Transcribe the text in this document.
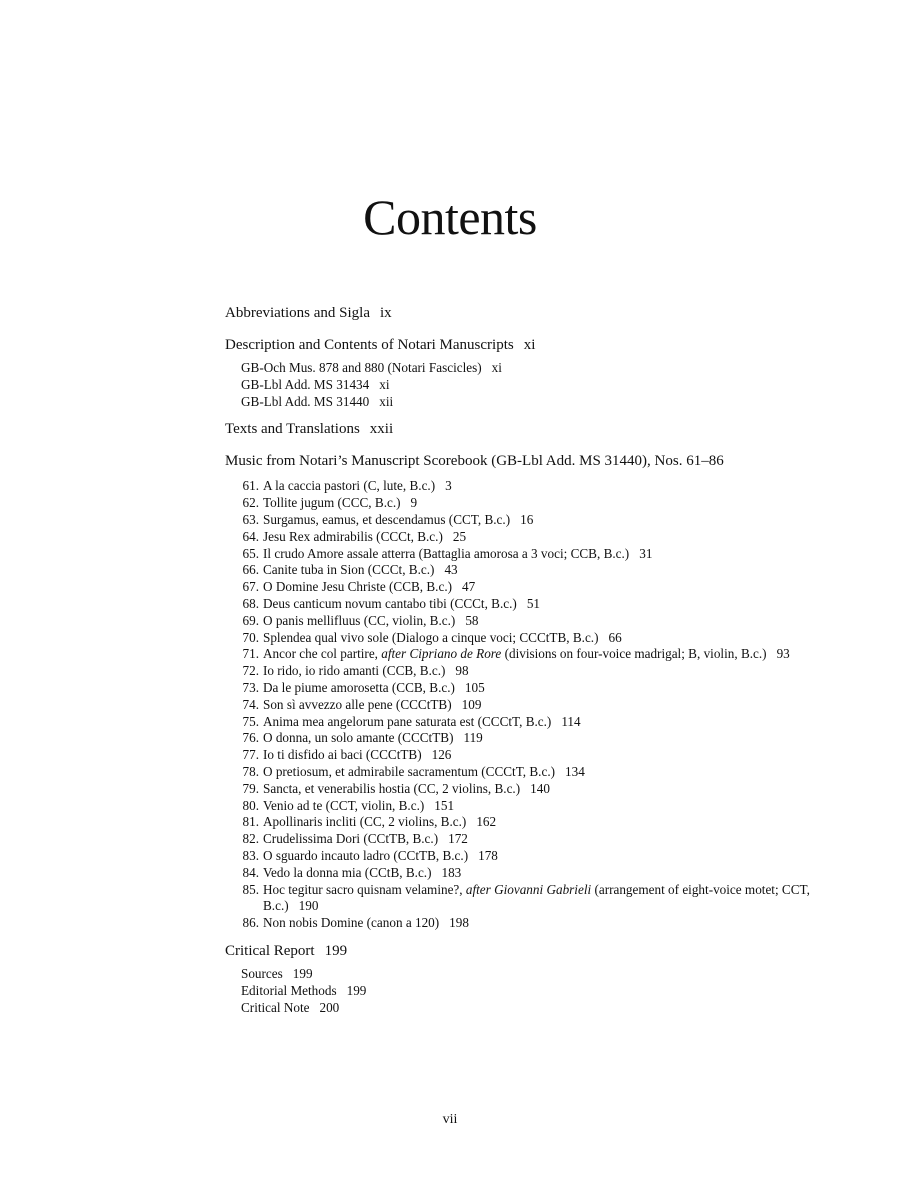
Contents
Abbreviations and Sigla ix
Description and Contents of Notari Manuscripts xi
GB-Och Mus. 878 and 880 (Notari Fascicles) xi
GB-Lbl Add. MS 31434 xi
GB-Lbl Add. MS 31440 xii
Texts and Translations xxii
Music from Notari’s Manuscript Scorebook (GB-Lbl Add. MS 31440), Nos. 61–86
61. A la caccia pastori (C, lute, B.c.) 3
62. Tollite jugum (CCC, B.c.) 9
63. Surgamus, eamus, et descendamus (CCT, B.c.) 16
64. Jesu Rex admirabilis (CCCt, B.c.) 25
65. Il crudo Amore assale atterra (Battaglia amorosa a 3 voci; CCB, B.c.) 31
66. Canite tuba in Sion (CCCt, B.c.) 43
67. O Domine Jesu Christe (CCB, B.c.) 47
68. Deus canticum novum cantabo tibi (CCCt, B.c.) 51
69. O panis mellifluus (CC, violin, B.c.) 58
70. Splendea qual vivo sole (Dialogo a cinque voci; CCCtTB, B.c.) 66
71. Ancor che col partire, after Cipriano de Rore (divisions on four-voice madrigal; B, violin, B.c.) 93
72. Io rido, io rido amanti (CCB, B.c.) 98
73. Da le piume amorosetta (CCB, B.c.) 105
74. Son sì avvezzo alle pene (CCCtTB) 109
75. Anima mea angelorum pane saturata est (CCCtT, B.c.) 114
76. O donna, un solo amante (CCCtTB) 119
77. Io ti disfido ai baci (CCCtTB) 126
78. O pretiosum, et admirabile sacramentum (CCCtT, B.c.) 134
79. Sancta, et venerabilis hostia (CC, 2 violins, B.c.) 140
80. Venio ad te (CCT, violin, B.c.) 151
81. Apollinaris incliti (CC, 2 violins, B.c.) 162
82. Crudelissima Dori (CCtTB, B.c.) 172
83. O sguardo incauto ladro (CCtTB, B.c.) 178
84. Vedo la donna mia (CCtB, B.c.) 183
85. Hoc tegitur sacro quisnam velamine?, after Giovanni Gabrieli (arrangement of eight-voice motet; CCT, B.c.) 190
86. Non nobis Domine (canon a 120) 198
Critical Report 199
Sources 199
Editorial Methods 199
Critical Note 200
vii
